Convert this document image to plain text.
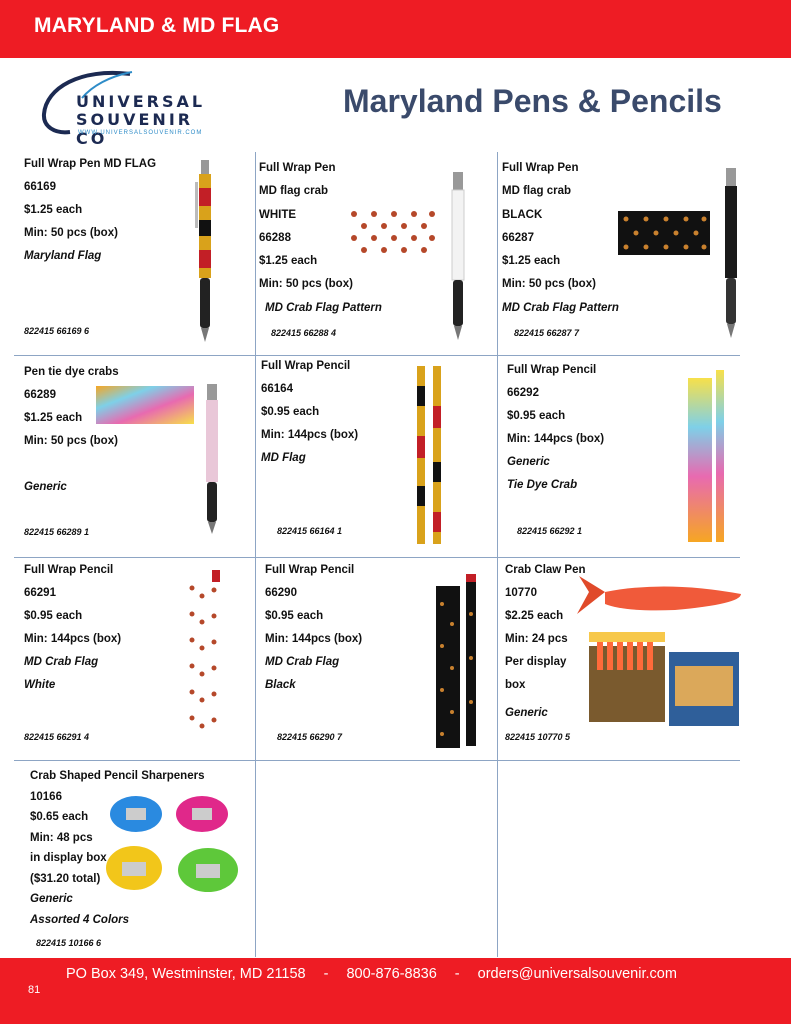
MARYLAND & MD FLAG
UNIVERSAL
SOUVENIR CO
WWW.UNIVERSALSOUVENIR.COM
Maryland Pens & Pencils
Full Wrap Pen MD FLAG
66169
$1.25 each
Min: 50 pcs (box)
Maryland Flag
822415 66169 6
Full Wrap Pen
MD flag crab
WHITE
66288
$1.25 each
Min: 50 pcs (box)
MD Crab Flag Pattern
822415 66288 4
Full Wrap Pen
MD flag crab
BLACK
66287
$1.25 each
Min: 50 pcs (box)
MD Crab Flag Pattern
822415 66287 7
Pen tie dye crabs
66289
$1.25 each
Min: 50 pcs (box)
Generic
822415 66289 1
Full Wrap Pencil
66164
$0.95 each
Min: 144pcs (box)
MD Flag
822415 66164 1
Full Wrap Pencil
66292
$0.95 each
Min: 144pcs (box)
Generic
Tie Dye Crab
822415 66292 1
Full Wrap Pencil
66291
$0.95 each
Min: 144pcs (box)
MD Crab Flag
White
822415 66291 4
Full Wrap Pencil
66290
$0.95 each
Min: 144pcs (box)
MD Crab Flag
Black
822415 66290 7
Crab Claw Pen
10770
$2.25 each
Min: 24 pcs
Per display
box
Generic
822415 10770 5
Crab Shaped Pencil Sharpeners
10166
$0.65 each
Min: 48 pcs
in display box
($31.20 total)
Generic
Assorted 4 Colors
822415 10166 6
PO Box 349, Westminster, MD 21158 - 800-876-8836 - orders@universalsouvenir.com
81
